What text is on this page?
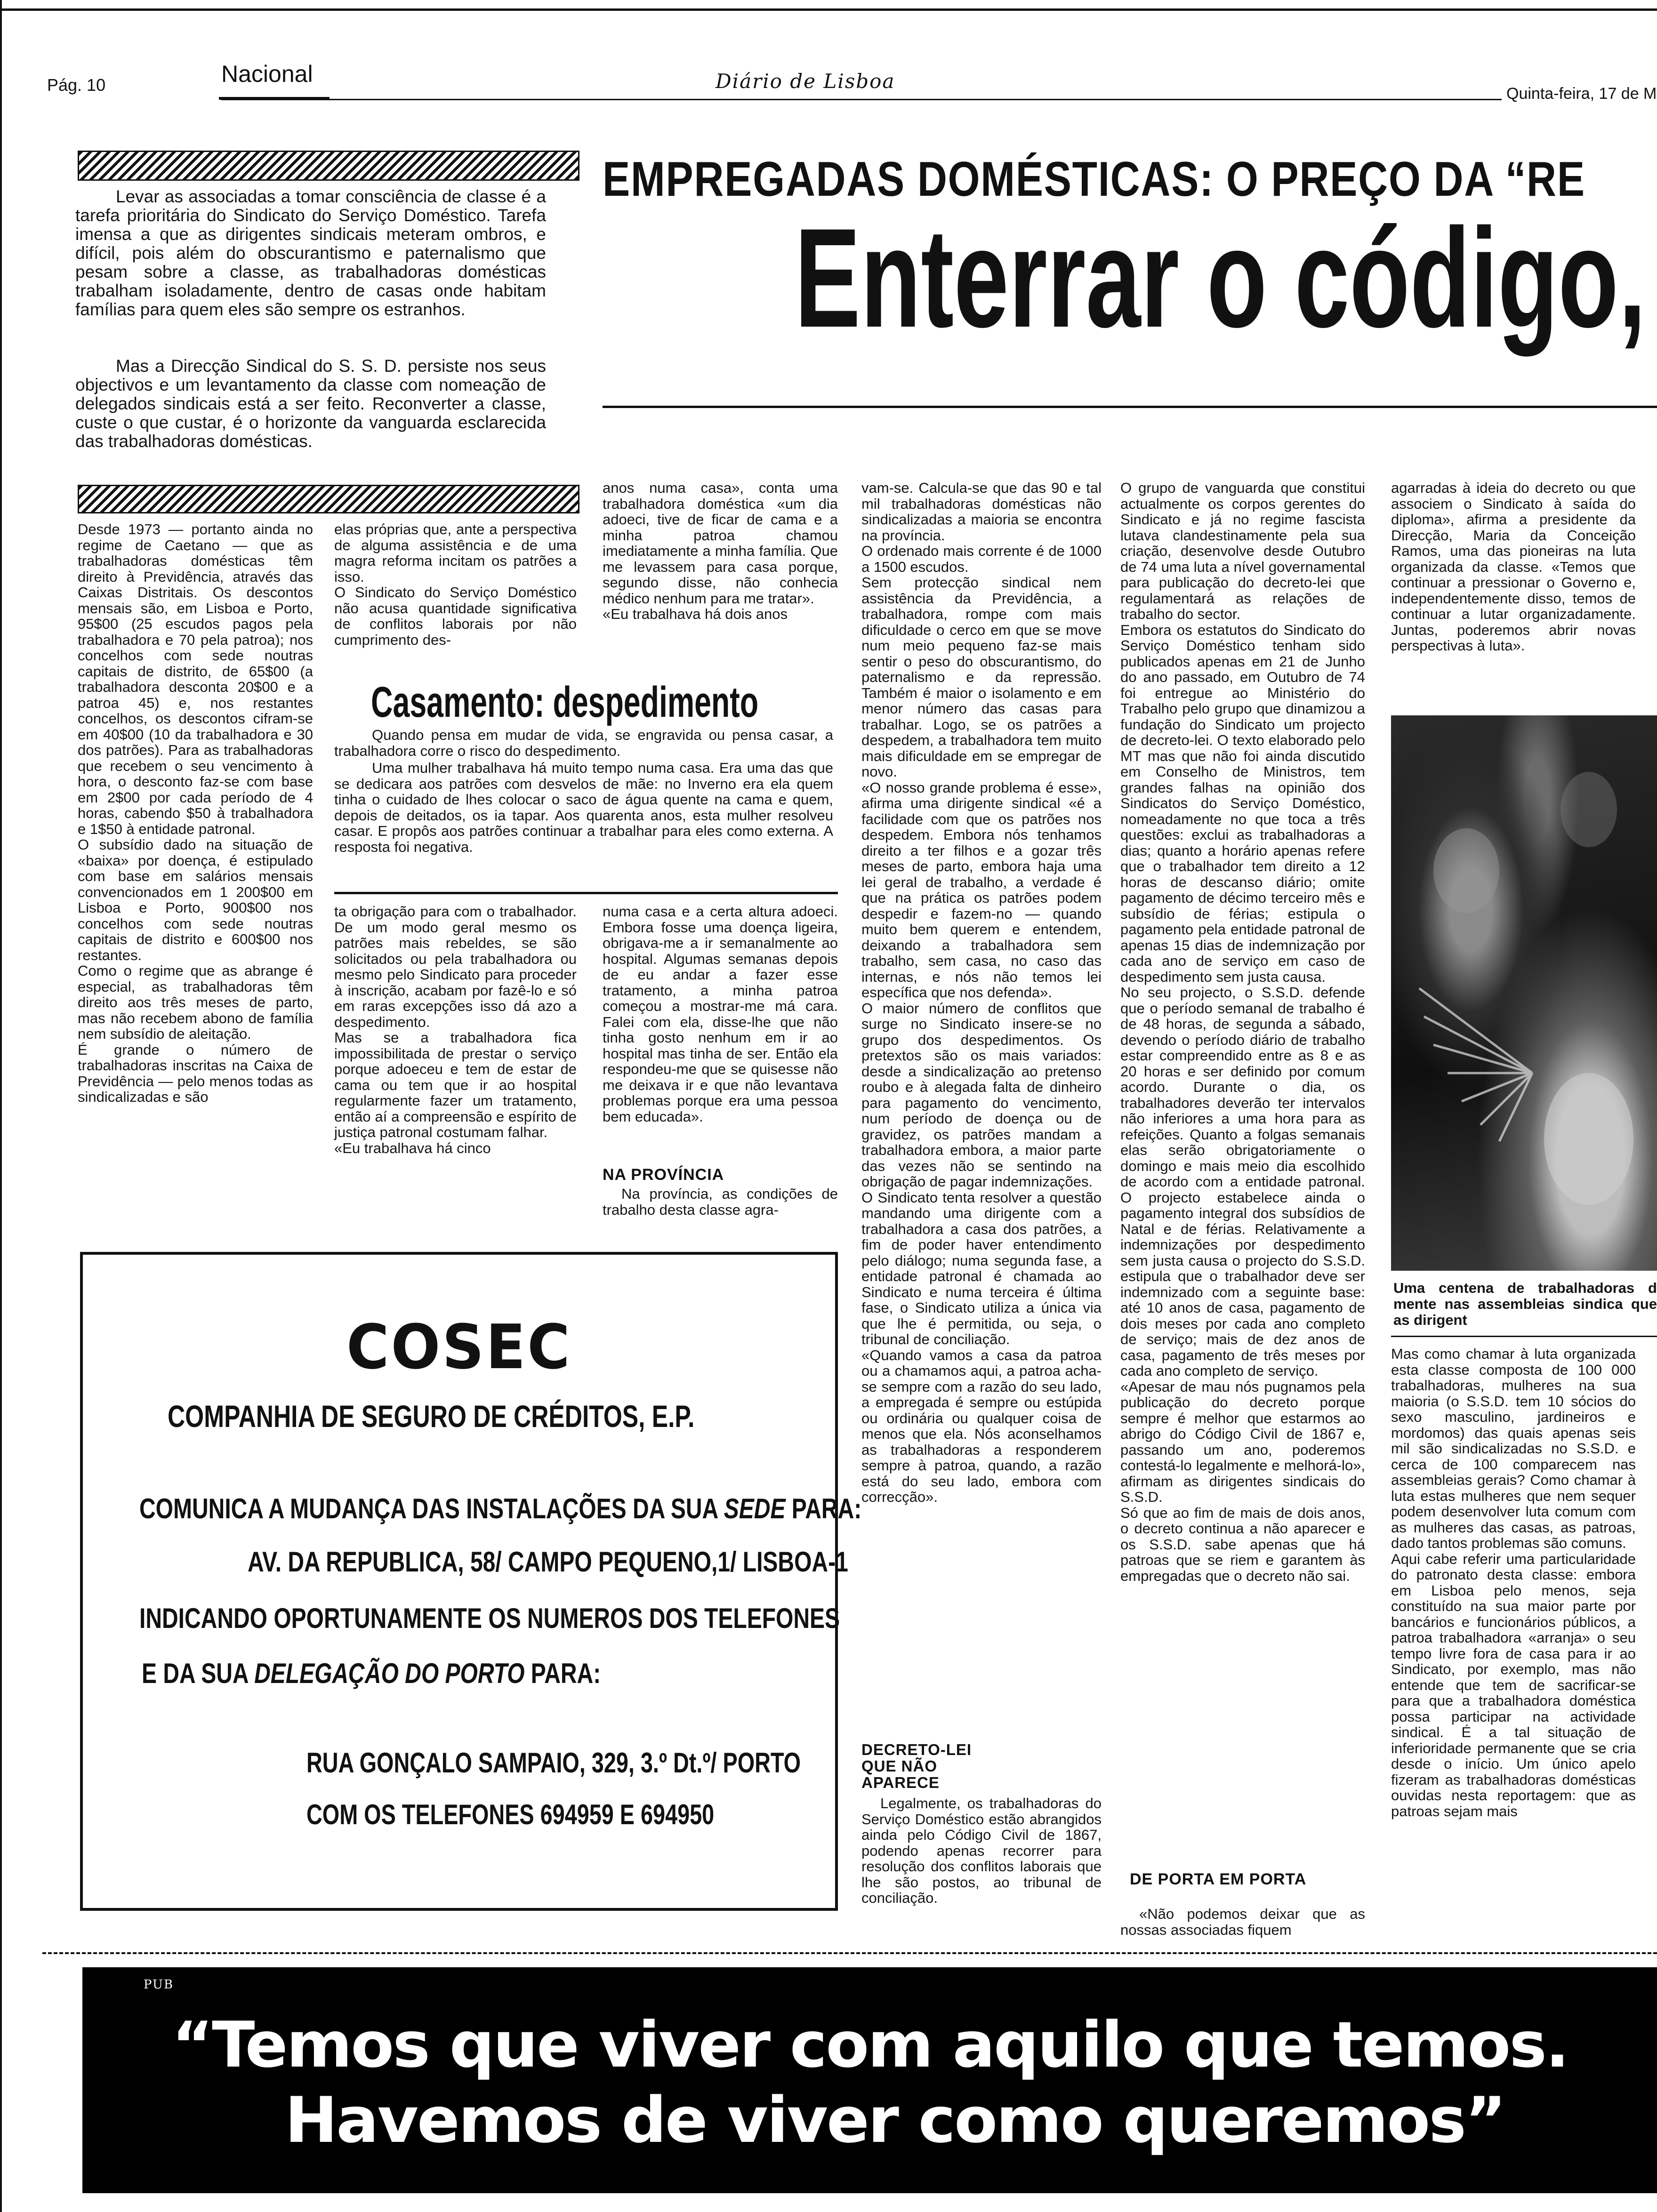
Pág. 10	Nacional	Diário de Lisboa
Quinta-feira, 17 de M
Levar as associadas a tomar consciência de classe é a tarefa prioritária do Sindicato do Serviço Doméstico. Tarefa imensa a que as dirigentes sindicais meteram ombros, e difícil, pois além do obscurantismo e paternalismo que pesam sobre a classe, as trabalhadoras domésticas trabalham isoladamente, dentro de casas onde habitam famílias para quem eles são sempre os estranhos.
Mas a Direcção Sindical do S. S. D. persiste nos seus objectivos e um levantamento da classe com nomeação de delegados sindicais está a ser feito. Reconverter a classe, custe o que custar, é o horizonte da vanguarda esclarecida das trabalhadoras domésticas.
EMPREGADAS DOMÉSTICAS: O PREÇO DA “RE
Enterrar o código,
Desde 1973 — portanto ainda no regime de Caetano — que as trabalhadoras domésticas têm direito à Previdência, através das Caixas Distritais. Os descontos mensais são, em Lisboa e Porto, 95$00 (25 escudos pagos pela trabalhadora e 70 pela patroa); nos concelhos com sede noutras capitais de distrito, de 65$00 (a trabalhadora desconta 20$00 e a patroa 45) e, nos restantes concelhos, os descontos cifram-se em 40$00 (10 da trabalhadora e 30 dos patrões). Para as trabalhadoras que recebem o seu vencimento à hora, o desconto faz-se com base em 2$00 por cada período de 4 horas, cabendo $50 à trabalhadora e 1$50 à entidade patronal.
O subsídio dado na situação de «baixa» por doença, é estipulado com base em salários mensais convencionados em 1 200$00 em Lisboa e Porto, 900$00 nos concelhos com sede noutras capitais de distrito e 600$00 nos restantes.
Como o regime que as abrange é especial, as trabalhadoras têm direito aos três meses de parto, mas não recebem abono de família nem subsídio de aleitação.
É grande o número de trabalhadoras inscritas na Caixa de Previdência — pelo menos todas as sindicalizadas e são
elas próprias que, ante a perspectiva de alguma assistência e de uma magra reforma incitam os patrões a isso.
O Sindicato do Serviço Doméstico não acusa quantidade significativa de conflitos laborais por não cumprimento des-
anos numa casa», conta uma trabalhadora doméstica «um dia adoeci, tive de ficar de cama e a minha patroa chamou imediatamente a minha família. Que me levassem para casa porque, segundo disse, não conhecia médico nenhum para me tratar».
«Eu trabalhava há dois anos
Casamento: despedimento
Quando pensa em mudar de vida, se engravida ou pensa casar, a trabalhadora corre o risco do despedimento.
Uma mulher trabalhava há muito tempo numa casa. Era uma das que se dedicara aos patrões com desvelos de mãe: no Inverno era ela quem tinha o cuidado de lhes colocar o saco de água quente na cama e quem, depois de deitados, os ia tapar. Aos quarenta anos, esta mulher resolveu casar. E propôs aos patrões continuar a trabalhar para eles como externa. A resposta foi negativa.
ta obrigação para com o trabalhador. De um modo geral mesmo os patrões mais rebeldes, se são solicitados ou pela trabalhadora ou mesmo pelo Sindicato para proceder à inscrição, acabam por fazê-lo e só em raras excepções isso dá azo a despedimento.
Mas se a trabalhadora fica impossibilitada de prestar o serviço porque adoeceu e tem de estar de cama ou tem que ir ao hospital regularmente fazer um tratamento, então aí a compreensão e espírito de justiça patronal costumam falhar.
«Eu trabalhava há cinco
numa casa e a certa altura adoeci. Embora fosse uma doença ligeira, obrigava-me a ir semanalmente ao hospital. Algumas semanas depois de eu andar a fazer esse tratamento, a minha patroa começou a mostrar-me má cara. Falei com ela, disse-lhe que não tinha gosto nenhum em ir ao hospital mas tinha de ser. Então ela respondeu-me que se quisesse não me deixava ir e que não levantava problemas porque era uma pessoa bem educada».
NA PROVÍNCIA
Na província, as condições de trabalho desta classe agra-
vam-se. Calcula-se que das 90 e tal mil trabalhadoras domésticas não sindicalizadas a maioria se encontra na província.
O ordenado mais corrente é de 1000 a 1500 escudos.
Sem protecção sindical nem assistência da Previdência, a trabalhadora, rompe com mais dificuldade o cerco em que se move num meio pequeno faz-se mais sentir o peso do obscurantismo, do paternalismo e da repressão. Também é maior o isolamento e em menor número das casas para trabalhar. Logo, se os patrões a despedem, a trabalhadora tem muito mais dificuldade em se empregar de novo.
«O nosso grande problema é esse», afirma uma dirigente sindical «é a facilidade com que os patrões nos despedem. Embora nós tenhamos direito a ter filhos e a gozar três meses de parto, embora haja uma lei geral de trabalho, a verdade é que na prática os patrões podem despedir e fazem-no — quando muito bem querem e entendem, deixando a trabalhadora sem trabalho, sem casa, no caso das internas, e nós não temos lei específica que nos defenda».
O maior número de conflitos que surge no Sindicato insere-se no grupo dos despedimentos. Os pretextos são os mais variados: desde a sindicalização ao pretenso roubo e à alegada falta de dinheiro para pagamento do vencimento, num período de doença ou de gravidez, os patrões mandam a trabalhadora embora, a maior parte das vezes não se sentindo na obrigação de pagar indemnizações.
O Sindicato tenta resolver a questão mandando uma dirigente com a trabalhadora a casa dos patrões, a fim de poder haver entendimento pelo diálogo; numa segunda fase, a entidade patronal é chamada ao Sindicato e numa terceira é última fase, o Sindicato utiliza a única via que lhe é permitida, ou seja, o tribunal de conciliação.
«Quando vamos a casa da patroa ou a chamamos aqui, a patroa acha-se sempre com a razão do seu lado, a empregada é sempre ou estúpida ou ordinária ou qualquer coisa de menos que ela. Nós aconselhamos as trabalhadoras a responderem sempre à patroa, quando, a razão está do seu lado, embora com correcção».
DECRETO-LEI QUE NÃO APARECE
Legalmente, os trabalhadoras do Serviço Doméstico estão abrangidos ainda pelo Código Civil de 1867, podendo apenas recorrer para resolução dos conflitos laborais que lhe são postos, ao tribunal de conciliação.
O grupo de vanguarda que constitui actualmente os corpos gerentes do Sindicato e já no regime fascista lutava clandestinamente pela sua criação, desenvolve desde Outubro de 74 uma luta a nível governamental para publicação do decreto-lei que regulamentará as relações de trabalho do sector.
Embora os estatutos do Sindicato do Serviço Doméstico tenham sido publicados apenas em 21 de Junho do ano passado, em Outubro de 74 foi entregue ao Ministério do Trabalho pelo grupo que dinamizou a fundação do Sindicato um projecto de decreto-lei. O texto elaborado pelo MT mas que não foi ainda discutido em Conselho de Ministros, tem grandes falhas na opinião dos Sindicatos do Serviço Doméstico, nomeadamente no que toca a três questões: exclui as trabalhadoras a dias; quanto a horário apenas refere que o trabalhador tem direito a 12 horas de descanso diário; omite pagamento de décimo terceiro mês e subsídio de férias; estipula o pagamento pela entidade patronal de apenas 15 dias de indemnização por cada ano de serviço em caso de despedimento sem justa causa.
No seu projecto, o S.S.D. defende que o período semanal de trabalho é de 48 horas, de segunda a sábado, devendo o período diário de trabalho estar compreendido entre as 8 e as 20 horas e ser definido por comum acordo. Durante o dia, os trabalhadores deverão ter intervalos não inferiores a uma hora para as refeições. Quanto a folgas semanais elas serão obrigatoriamente o domingo e mais meio dia escolhido de acordo com a entidade patronal. O projecto estabelece ainda o pagamento integral dos subsídios de Natal e de férias. Relativamente a indemnizações por despedimento sem justa causa o projecto do S.S.D. estipula que o trabalhador deve ser indemnizado com a seguinte base: até 10 anos de casa, pagamento de dois meses por cada ano completo de serviço; mais de dez anos de casa, pagamento de três meses por cada ano completo de serviço.
«Apesar de mau nós pugnamos pela publicação do decreto porque sempre é melhor que estarmos ao abrigo do Código Civil de 1867 e, passando um ano, poderemos contestá-lo legalmente e melhorá-lo», afirmam as dirigentes sindicais do S.S.D.
Só que ao fim de mais de dois anos, o decreto continua a não aparecer e os S.S.D. sabe apenas que há patroas que se riem e garantem às empregadas que o decreto não sai.
DE PORTA EM PORTA
«Não podemos deixar que as nossas associadas fiquem
agarradas à ideia do decreto ou que associem o Sindicato à saída do diploma», afirma a presidente da Direcção, Maria da Conceição Ramos, uma das pioneiras na luta organizada da classe. «Temos que continuar a pressionar o Governo e, independentemente disso, temos de continuar a lutar organizadamente. Juntas, poderemos abrir novas perspectivas à luta».
Uma centena de trabalhadoras d mente nas assembleias sindica que as dirigent
Mas como chamar à luta organizada esta classe composta de 100 000 trabalhadoras, mulheres na sua maioria (o S.S.D. tem 10 sócios do sexo masculino, jardineiros e mordomos) das quais apenas seis mil são sindicalizadas no S.S.D. e cerca de 100 comparecem nas assembleias gerais? Como chamar à luta estas mulheres que nem sequer podem desenvolver luta comum com as mulheres das casas, as patroas, dado tantos problemas são comuns.
Aqui cabe referir uma particularidade do patronato desta classe: embora em Lisboa pelo menos, seja constituído na sua maior parte por bancários e funcionários públicos, a patroa trabalhadora «arranja» o seu tempo livre fora de casa para ir ao Sindicato, por exemplo, mas não entende que tem de sacrificar-se para que a trabalhadora doméstica possa participar na actividade sindical. É a tal situação de inferioridade permanente que se cria desde o início. Um único apelo fizeram as trabalhadoras domésticas ouvidas nesta reportagem: que as patroas sejam mais
COSEC
COMPANHIA DE SEGURO DE CRÉDITOS, E.P.
COMUNICA A MUDANÇA DAS INSTALAÇÕES DA SUA SEDE PARA:
AV. DA REPUBLICA, 58/ CAMPO PEQUENO,1/ LISBOA-1
INDICANDO OPORTUNAMENTE OS NUMEROS DOS TELEFONES
E DA SUA DELEGAÇÃO DO PORTO PARA:
RUA GONÇALO SAMPAIO, 329, 3.º Dt.º/ PORTO
COM OS TELEFONES 694959 E 694950
PUB
“Temos que viver com aquilo que temos.
Havemos de viver como queremos”
